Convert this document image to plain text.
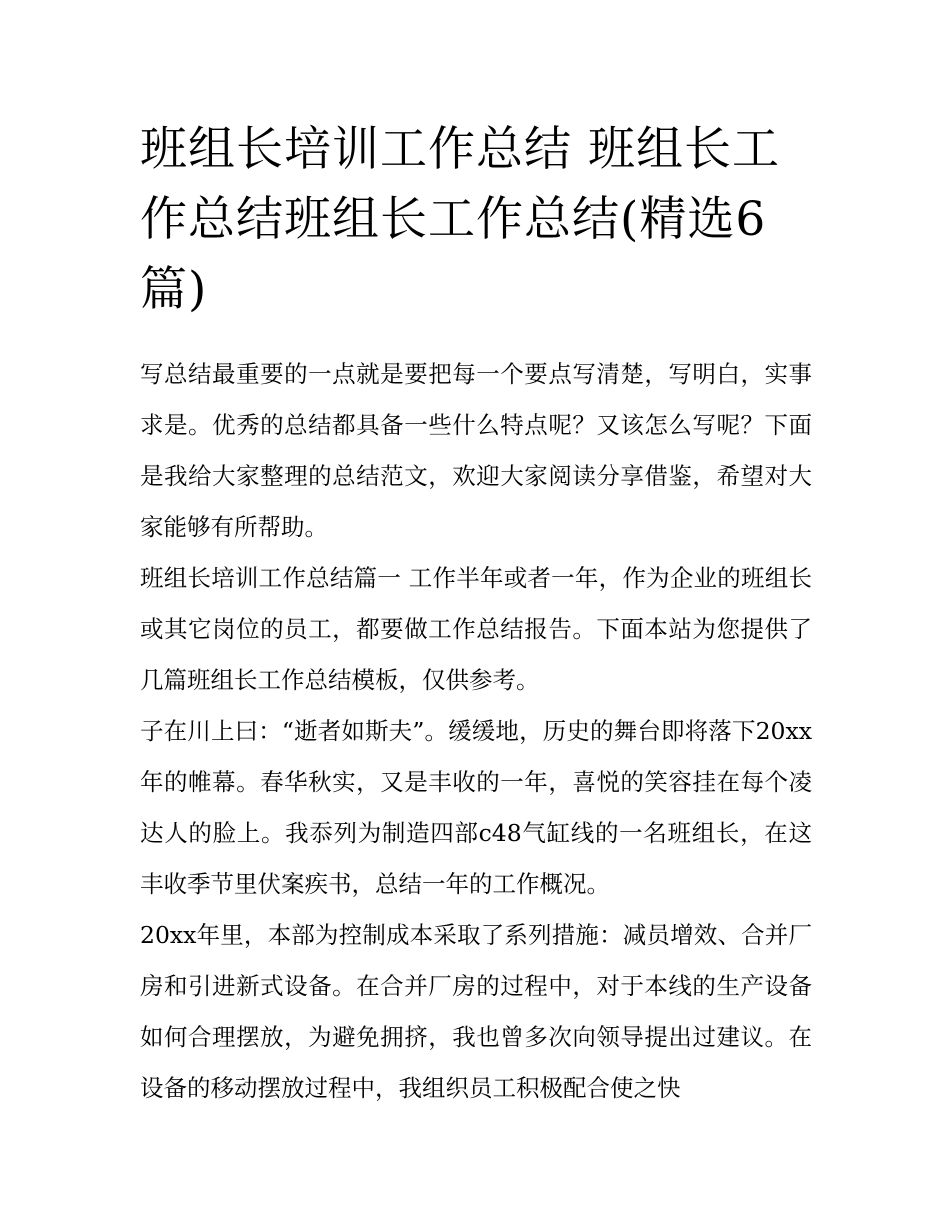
班组长培训工作总结 班组长工作总结班组长工作总结(精选6篇)

写总结最重要的一点就是要把每一个要点写清楚，写明白，实事求是。优秀的总结都具备一些什么特点呢？又该怎么写呢？下面是我给大家整理的总结范文，欢迎大家阅读分享借鉴，希望对大家能够有所帮助。

班组长培训工作总结篇一 工作半年或者一年，作为企业的班组长或其它岗位的员工，都要做工作总结报告。下面本站为您提供了几篇班组长工作总结模板，仅供参考。

子在川上曰：“逝者如斯夫”。缓缓地，历史的舞台即将落下20xx年的帷幕。春华秋实，又是丰收的一年，喜悦的笑容挂在每个凌达人的脸上。我忝列为制造四部c48气缸线的一名班组长，在这丰收季节里伏案疾书，总结一年的工作概况。

20xx年里，本部为控制成本采取了系列措施：减员增效、合并厂房和引进新式设备。在合并厂房的过程中，对于本线的生产设备如何合理摆放，为避免拥挤，我也曾多次向领导提出过建议。在设备的移动摆放过程中，我组织员工积极配合使之快
